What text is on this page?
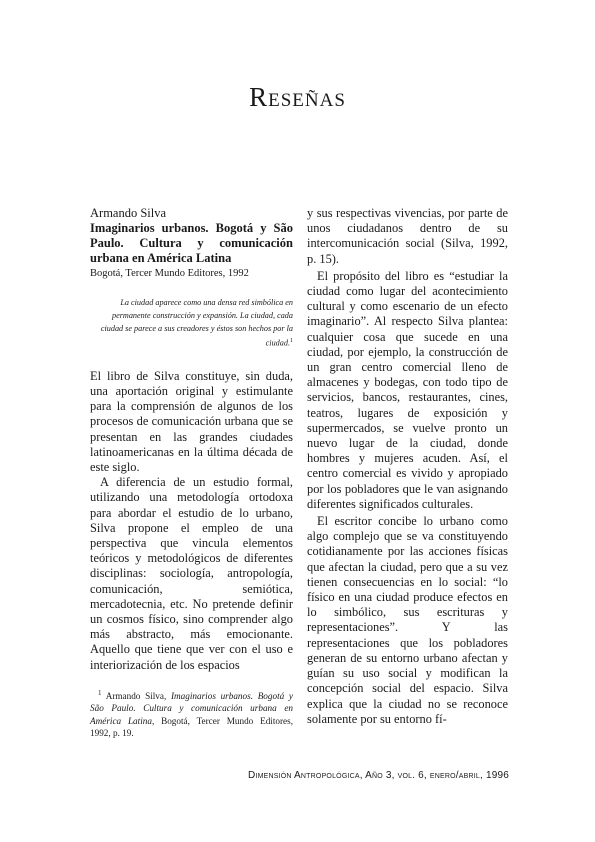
Reseñas
Armando Silva
Imaginarios urbanos. Bogotá y São Paulo. Cultura y comunicación urbana en América Latina
Bogotá, Tercer Mundo Editores, 1992
La ciudad aparece como una densa red simbólica en permanente construcción y expansión. La ciudad, cada ciudad se parece a sus creadores y éstos son hechos por la ciudad.$^1$

El libro de Silva constituye, sin duda, una aportación original y estimulante para la comprensión de algunos de los procesos de comunicación urbana que se presentan en las grandes ciudades latinoamericanas en la última década de este siglo.

A diferencia de un estudio formal, utilizando una metodología ortodoxa para abordar el estudio de lo urbano, Silva propone el empleo de una perspectiva que vincula elementos teóricos y metodológicos de diferentes disciplinas: sociología, antropología, comunicación, semiótica, mercadotecnia, etc. No pretende definir un cosmos físico, sino comprender algo más abstracto, más emocionante. Aquello que tiene que ver con el uso e interiorización de los espacios

$^1$ Armando Silva, Imaginarios urbanos. Bogotá y São Paulo. Cultura y comunicación urbana en América Latina, Bogotá, Tercer Mundo Editores, 1992, p. 19.

y sus respectivas vivencias, por parte de unos ciudadanos dentro de su intercomunicación social (Silva, 1992, p. 15).

El propósito del libro es “estudiar la ciudad como lugar del acontecimiento cultural y como escenario de un efecto imaginario”. Al respecto Silva plantea: cualquier cosa que sucede en una ciudad, por ejemplo, la construcción de un gran centro comercial lleno de almacenes y bodegas, con todo tipo de servicios, bancos, restaurantes, cines, teatros, lugares de exposición y supermercados, se vuelve pronto un nuevo lugar de la ciudad, donde hombres y mujeres acuden. Así, el centro comercial es vivido y apropiado por los pobladores que le van asignando diferentes significados culturales.

El escritor concibe lo urbano como algo complejo que se va constituyendo cotidianamente por las acciones físicas que afectan la ciudad, pero que a su vez tienen consecuencias en lo social: “lo físico en una ciudad produce efectos en lo simbólico, sus escrituras y representaciones”. Y las representaciones que los pobladores generan de su entorno urbano afectan y guían su uso social y modifican la concepción social del espacio. Silva explica que la ciudad no se reconoce solamente por su entorno fí-

Dimensión Antropológica, Año 3, vol. 6, enero/abril, 1996
